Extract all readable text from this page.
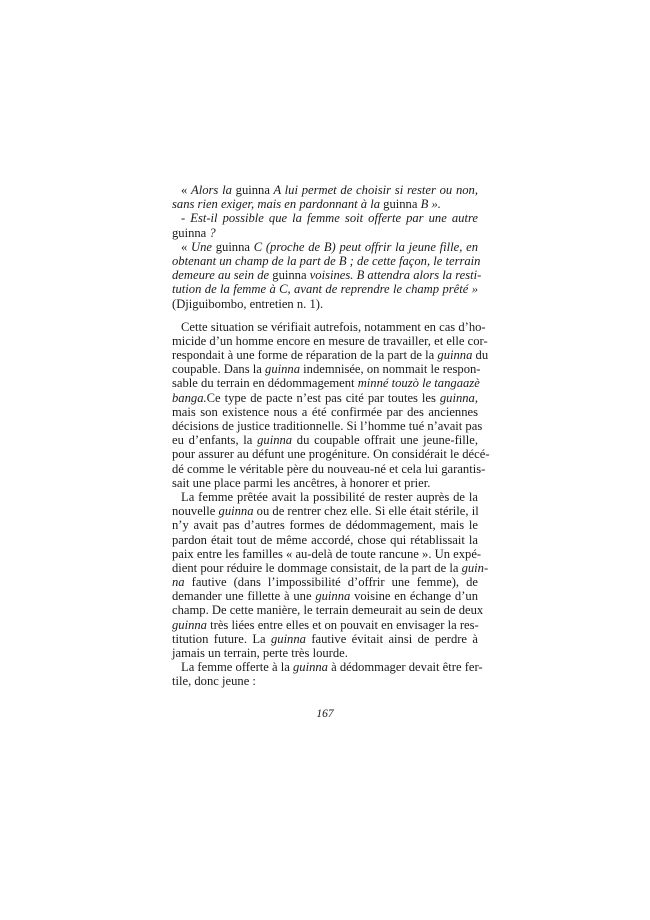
« Alors la guinna A lui permet de choisir si rester ou non,
sans rien exiger, mais en pardonnant à la guinna B ».
- Est-il possible que la femme soit offerte par une autre
guinna ?
« Une guinna C (proche de B) peut offrir la jeune fille, en
obtenant un champ de la part de B ; de cette façon, le terrain
demeure au sein de guinna voisines. B attendra alors la resti-
tution de la femme à C, avant de reprendre le champ prêté »
(Djiguibombo, entretien n. 1).
Cette situation se vérifiait autrefois, notamment en cas d’ho-
micide d’un homme encore en mesure de travailler, et elle cor-
respondait à une forme de réparation de la part de la guinna du
coupable. Dans la guinna indemnisée, on nommait le respon-
sable du terrain en dédommagement minné touzò le tangaazè
banga.Ce type de pacte n’est pas cité par toutes les guinna,
mais son existence nous a été confirmée par des anciennes
décisions de justice traditionnelle. Si l’homme tué n’avait pas
eu d’enfants, la guinna du coupable offrait une jeune-fille,
pour assurer au défunt une progéniture. On considérait le décé-
dé comme le véritable père du nouveau-né et cela lui garantis-
sait une place parmi les ancêtres, à honorer et prier.
La femme prêtée avait la possibilité de rester auprès de la
nouvelle guinna ou de rentrer chez elle. Si elle était stérile, il
n’y avait pas d’autres formes de dédommagement, mais le
pardon était tout de même accordé, chose qui rétablissait la
paix entre les familles « au-delà de toute rancune ». Un expé-
dient pour réduire le dommage consistait, de la part de la guin-
na fautive (dans l’impossibilité d’offrir une femme), de
demander une fillette à une guinna voisine en échange d’un
champ. De cette manière, le terrain demeurait au sein de deux
guinna très liées entre elles et on pouvait en envisager la res-
titution future. La guinna fautive évitait ainsi de perdre à
jamais un terrain, perte très lourde.
La femme offerte à la guinna à dédommager devait être fer-
tile, donc jeune :
167
